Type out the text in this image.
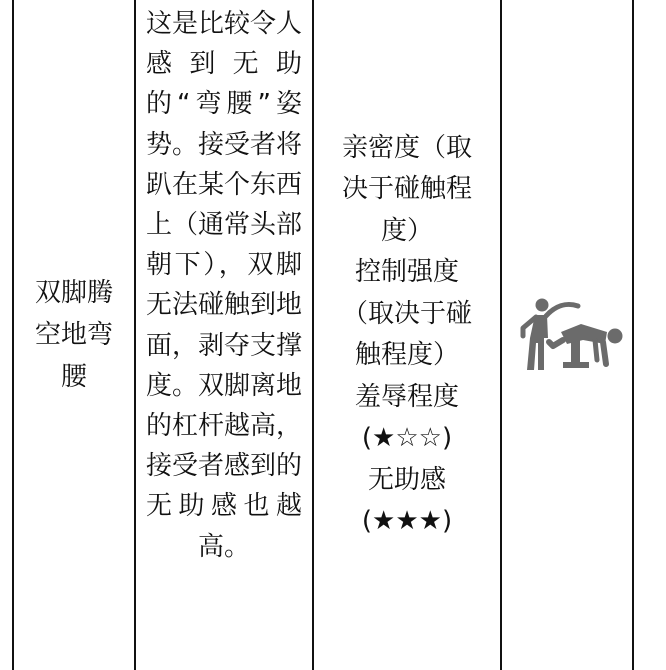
双脚腾空地弯腰
这是比较令人感到无助的“弯腰”姿势。接受者将趴在某个东西上（通常头部朝下），双脚无法碰触到地面，剥夺支撑度。双脚离地的杠杆越高，接受者感到的无助感也越高。
亲密度（取
决于碰触程
度）
控制强度
（取决于碰
触程度）
羞辱程度
(★☆☆)
无助感
(★★★)
